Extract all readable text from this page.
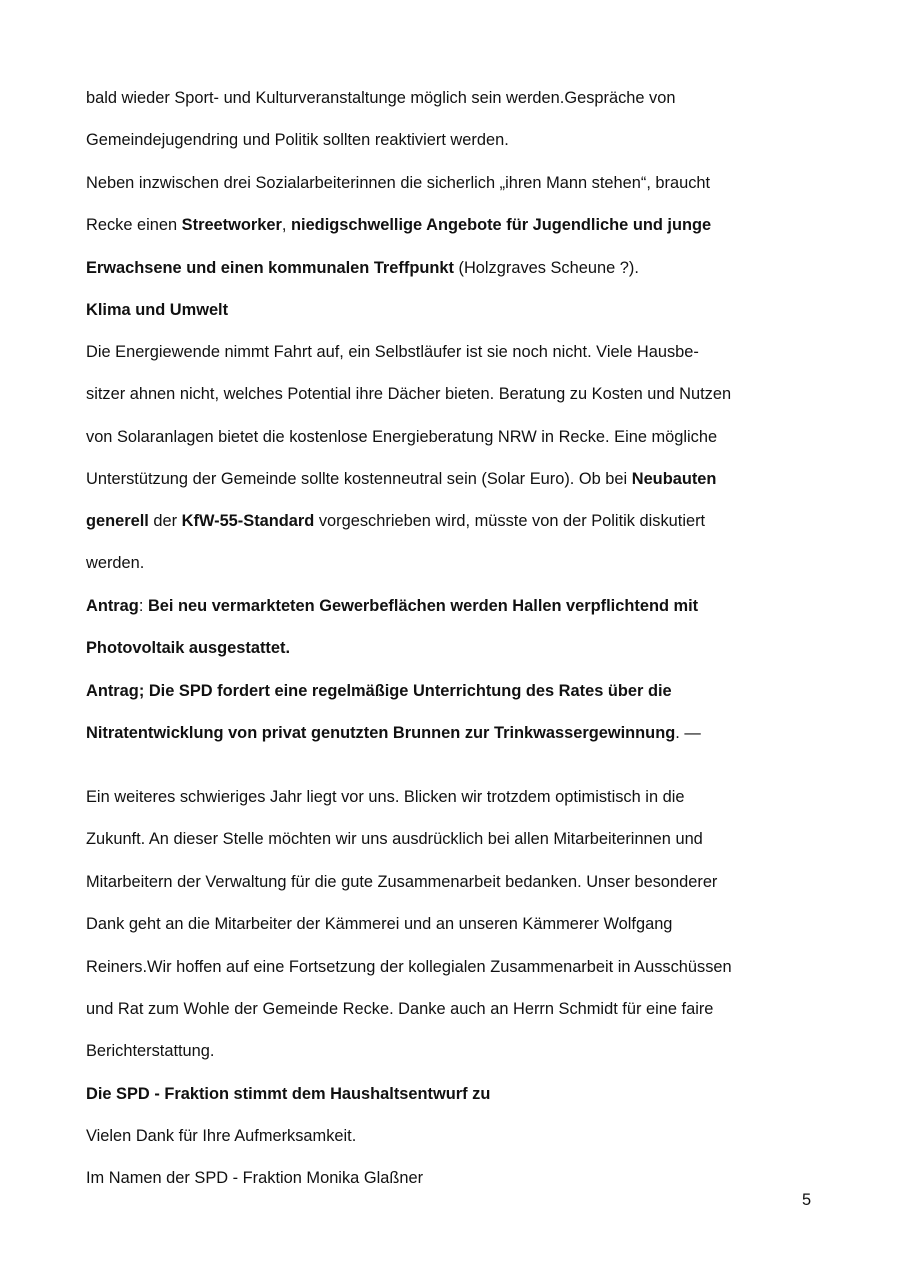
bald wieder Sport- und Kulturveranstaltunge möglich sein werden.Gespräche von
Gemeindejugendring und Politik sollten reaktiviert werden.
Neben inzwischen drei Sozialarbeiterinnen die sicherlich „ihren Mann stehen“, braucht
Recke einen Streetworker, niedigschwellige Angebote für Jugendliche und junge
Erwachsene und einen kommunalen Treffpunkt (Holzgraves Scheune ?).
Klima und Umwelt
Die Energiewende nimmt Fahrt auf, ein Selbstläufer ist sie noch nicht. Viele Hausbe-
sitzer ahnen nicht, welches Potential ihre Dächer bieten. Beratung zu Kosten und Nutzen
von Solaranlagen bietet die kostenlose Energieberatung NRW in Recke. Eine mögliche
Unterstützung der Gemeinde sollte kostenneutral sein (Solar Euro). Ob bei Neubauten
generell der KfW-55-Standard vorgeschrieben wird, müsste von der Politik diskutiert
werden.
Antrag: Bei neu vermarkteten Gewerbeflächen werden Hallen verpflichtend mit
Photovoltaik ausgestattet.
Antrag; Die SPD fordert eine regelmäßige Unterrichtung des Rates über die
Nitratentwicklung von privat genutzten Brunnen zur Trinkwassergewinnung. —
Ein weiteres schwieriges Jahr liegt vor uns. Blicken wir trotzdem optimistisch in die
Zukunft. An dieser Stelle möchten wir uns ausdrücklich bei allen Mitarbeiterinnen und
Mitarbeitern der Verwaltung für die gute Zusammenarbeit bedanken. Unser besonderer
Dank geht an die Mitarbeiter der Kämmerei und an unseren Kämmerer Wolfgang
Reiners.Wir hoffen auf eine Fortsetzung der kollegialen Zusammenarbeit in Ausschüssen
und Rat zum Wohle der Gemeinde Recke. Danke auch an Herrn Schmidt für eine faire
Berichterstattung.
Die SPD - Fraktion stimmt dem Haushaltsentwurf zu
Vielen Dank für Ihre Aufmerksamkeit.
Im Namen der SPD - Fraktion Monika Glaßner
5
